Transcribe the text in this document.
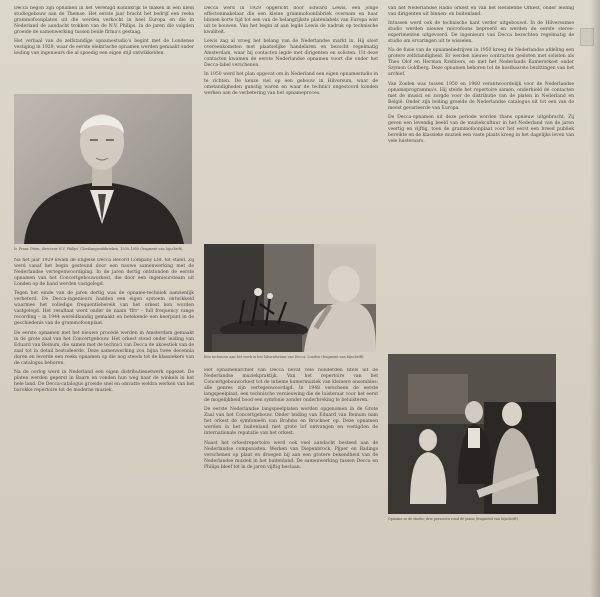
Decca begon zijn opnamen in het Verenigd Koninkrijk te maken in een klein studiogebouw aan de Themse. Het eerste jaar bracht het bedrijf een reeks grammofoonplaten uit die werden verkocht in heel Europa en die in Nederland de aandacht trokken van de N.V. Philips. In de jaren die volgden groeide de samenwerking tussen beide firma's gestaag.

Het verhaal van de zelfstandige opnamestudio's begint met de Londense vestiging in 1929, waar de eerste elektrische opnamen werden gemaakt onder leiding van ingenieurs die al spoedig een eigen stijl ontwikkelden.

Ir. Frans Otten, directeur N.V. Philips' Gloeilampenfabrieken, 1930–1950 (fragment van bijschrift)

Na het jaar 1929 kwam de Engelse Decca Record Company Ltd. tot stand. Zij werd vanaf het begin gesteund door een nauwe samenwerking met de Nederlandse vertegenwoordiging. In de jaren dertig ontstonden de eerste opnamen van het Concertgebouworkest, die door een ingenieursteam uit Londen op de band werden vastgelegd.

Tegen het einde van de jaren dertig was de opname-techniek aanzienlijk verbeterd. De Decca-ingenieurs hadden een eigen systeem ontwikkeld waarmee het volledige frequentiebereik van het orkest kon worden vastgelegd. Het resultaat werd onder de naam 'ffrr' – full frequency range recording – in 1944 wereldkundig gemaakt en betekende een keerpunt in de geschiedenis van de grammofoonplaat.

De eerste opnamen met het nieuwe procédé werden in Amsterdam gemaakt in de grote zaal van het Concertgebouw. Het orkest stond onder leiding van Eduard van Beinum, die samen met de technici van Decca de akoestiek van de zaal tot in detail bestudeerde. Deze samenwerking zou bijna twee decennia duren en leverde een reeks opnamen op die nog steeds tot de klassiekers van de catalogus behoren.

Na de oorlog werd in Nederland een eigen distributienetwerk opgezet. De platen werden geperst in Baarn en vonden hun weg naar de winkels in het hele land. De Decca-catalogus groeide snel en omvatte weldra werken van het barokke repertoire tot de moderne muziek.

Decca werd in 1929 opgericht door Edward Lewis, een jonge effectenmakelaar die een kleine grammofoonfabriek overnam en haar binnen korte tijd tot een van de belangrijkste platenlabels van Europa wist uit te bouwen. Van het begin af aan legde Lewis de nadruk op technische kwaliteit.

Lewis zag al vroeg het belang van de Nederlandse markt in. Hij sloot overeenkomsten met plaatselijke handelaren en bezocht regelmatig Amsterdam, waar hij contacten legde met dirigenten en solisten. Uit deze contacten kwamen de eerste Nederlandse opnamen voort die onder het Decca-label verschenen.

In 1950 werd het plan opgevat om in Nederland een eigen opnamestudio in te richten. De keuze viel op een gebouw in Hilversum, waar de omstandigheden gunstig waren en waar de technici ongestoord konden werken aan de verbetering van het opnameproces.

Een technicus aan het werk in het laboratorium van Decca, Londen (fragment van bijschrift)

Het opnamenarchief van Decca bevat vele honderden titels uit de Nederlandse muziekpraktijk. Van het repertoire van het Concertgebouworkest tot de intieme kamermuziek van kleinere ensembles: alle genres zijn vertegenwoordigd. In 1948 verscheen de eerste langspeelplaat, een technische vernieuwing die de luisteraar voor het eerst de mogelijkheid bood een symfonie zonder onderbreking te beluisteren.

De eerste Nederlandse langspeelplaten werden opgenomen in de Grote Zaal van het Concertgebouw. Onder leiding van Eduard van Beinum nam het orkest de symfonieën van Brahms en Bruckner op. Deze opnamen werden in het buitenland met grote lof ontvangen en vestigden de internationale reputatie van het orkest.

Naast het orkestrepertoire werd ook veel aandacht besteed aan de Nederlandse componisten. Werken van Diepenbrock, Pijper en Badings verschenen op plaat en droegen bij aan een grotere bekendheid van de Nederlandse muziek in het buitenland. De samenwerking tussen Decca en Philips bleef tot in de jaren vijftig bestaan.

van het Nederlandse Radio orkest en van het Residentie Orkest, onder leiding van dirigenten uit binnen- en buitenland.

Intussen werd ook de technische kant verder uitgebouwd. In de Hilversumse studio werden nieuwe microfoons beproefd en werden de eerste stereo-experimenten uitgevoerd. De ingenieurs van Decca bezochten regelmatig de studio om ervaringen uit te wisselen.

Na de fusie van de opnamebedrijven in 1950 kreeg de Nederlandse afdeling een grotere zelfstandigheid. Er werden nieuwe contracten gesloten met solisten als Theo Olof en Herman Krebbers, en met het Nederlands Kamerorkest onder Szymon Goldberg. Deze opnamen behoren tot de kostbaarste bezittingen van het archief.

Van Zoelen was tussen 1950 en 1960 verantwoordelijk voor de Nederlandse opnameprogramma's. Hij stelde het repertoire samen, onderhield de contacten met de musici en zorgde voor de distributie van de platen in Nederland en België. Onder zijn leiding groeide de Nederlandse catalogus uit tot een van de meest gevarieerde van Europa.

De Decca-opnamen uit deze periode worden thans opnieuw uitgebracht. Zij geven een levendig beeld van de muziekcultuur in het Nederland van de jaren veertig en vijftig, toen de grammofoonplaat voor het eerst een breed publiek bereikte en de klassieke muziek een vaste plaats kreeg in het dagelijks leven van vele luisteraars.

Opname in de studio; drie personen rond de piano (fragment van bijschrift)
